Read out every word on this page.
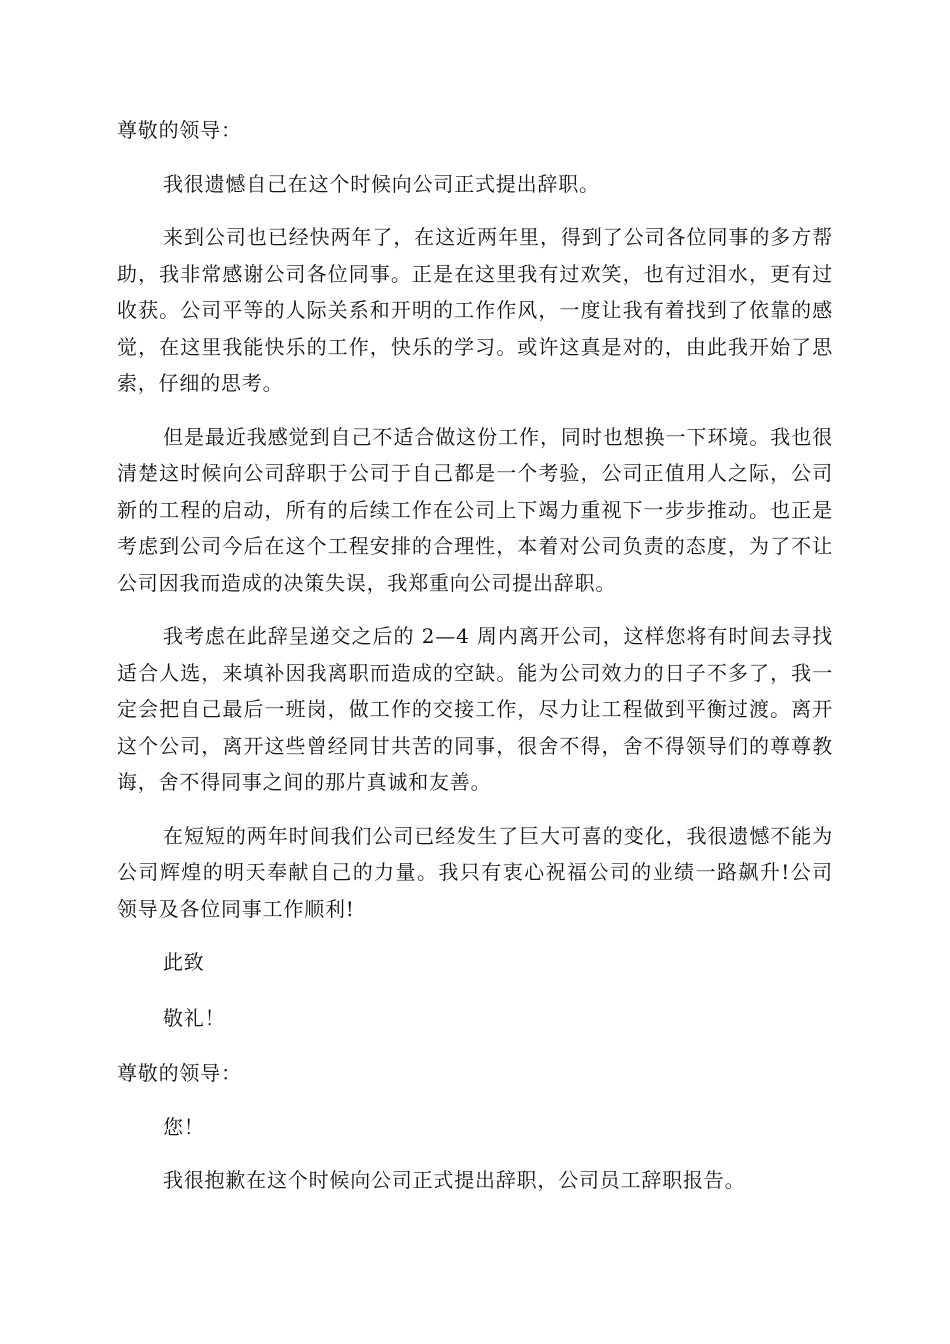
尊敬的领导：

我很遗憾自己在这个时候向公司正式提出辞职。

来到公司也已经快两年了，在这近两年里，得到了公司各位同事的多方帮助，我非常感谢公司各位同事。正是在这里我有过欢笑，也有过泪水，更有过收获。公司平等的人际关系和开明的工作作风，一度让我有着找到了依靠的感觉，在这里我能快乐的工作，快乐的学习。或许这真是对的，由此我开始了思索，仔细的思考。

但是最近我感觉到自己不适合做这份工作，同时也想换一下环境。我也很清楚这时候向公司辞职于公司于自己都是一个考验，公司正值用人之际，公司新的工程的启动，所有的后续工作在公司上下竭力重视下一步步推动。也正是考虑到公司今后在这个工程安排的合理性，本着对公司负责的态度，为了不让公司因我而造成的决策失误，我郑重向公司提出辞职。

我考虑在此辞呈递交之后的 2—4 周内离开公司，这样您将有时间去寻找适合人选，来填补因我离职而造成的空缺。能为公司效力的日子不多了，我一定会把自己最后一班岗，做工作的交接工作，尽力让工程做到平衡过渡。离开这个公司，离开这些曾经同甘共苦的同事，很舍不得，舍不得领导们的尊尊教诲，舍不得同事之间的那片真诚和友善。

在短短的两年时间我们公司已经发生了巨大可喜的变化，我很遗憾不能为公司辉煌的明天奉献自己的力量。我只有衷心祝福公司的业绩一路飙升!公司领导及各位同事工作顺利!

此致

敬礼！

尊敬的领导：

您！

我很抱歉在这个时候向公司正式提出辞职，公司员工辞职报告。
